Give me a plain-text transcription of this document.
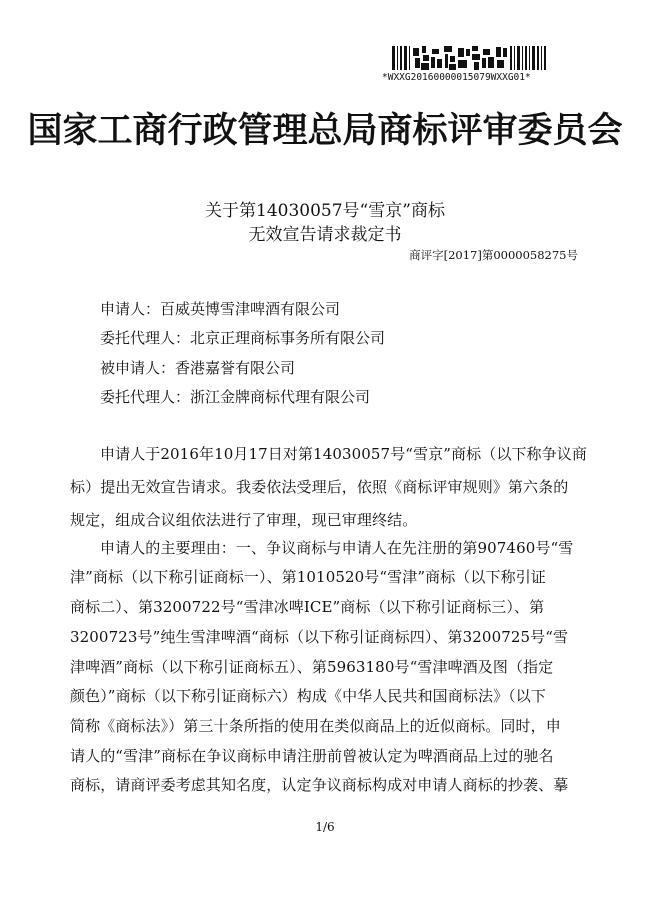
*WXXG20160000015079WXXG01*
国家工商行政管理总局商标评审委员会
关于第14030057号“雪京”商标
无效宣告请求裁定书
商评字[2017]第0000058275号
申请人：百威英博雪津啤酒有限公司
委托代理人：北京正理商标事务所有限公司
被申请人：香港嘉誉有限公司
委托代理人：浙江金牌商标代理有限公司
申请人于2016年10月17日对第14030057号“雪京”商标（以下称争议商
标）提出无效宣告请求。我委依法受理后，依照《商标评审规则》第六条的
规定，组成合议组依法进行了审理，现已审理终结。
申请人的主要理由：一、争议商标与申请人在先注册的第907460号“雪
津”商标（以下称引证商标一）、第1010520号“雪津”商标（以下称引证
商标二）、第3200722号“雪津冰啤ICE”商标（以下称引证商标三）、第
3200723号”纯生雪津啤酒“商标（以下称引证商标四）、第3200725号“雪
津啤酒”商标（以下称引证商标五）、第5963180号“雪津啤酒及图（指定
颜色）”商标（以下称引证商标六）构成《中华人民共和国商标法》（以下
简称《商标法》）第三十条所指的使用在类似商品上的近似商标。同时，申
请人的“雪津”商标在争议商标申请注册前曾被认定为啤酒商品上过的驰名
商标，请商评委考虑其知名度，认定争议商标构成对申请人商标的抄袭、摹
1/6
